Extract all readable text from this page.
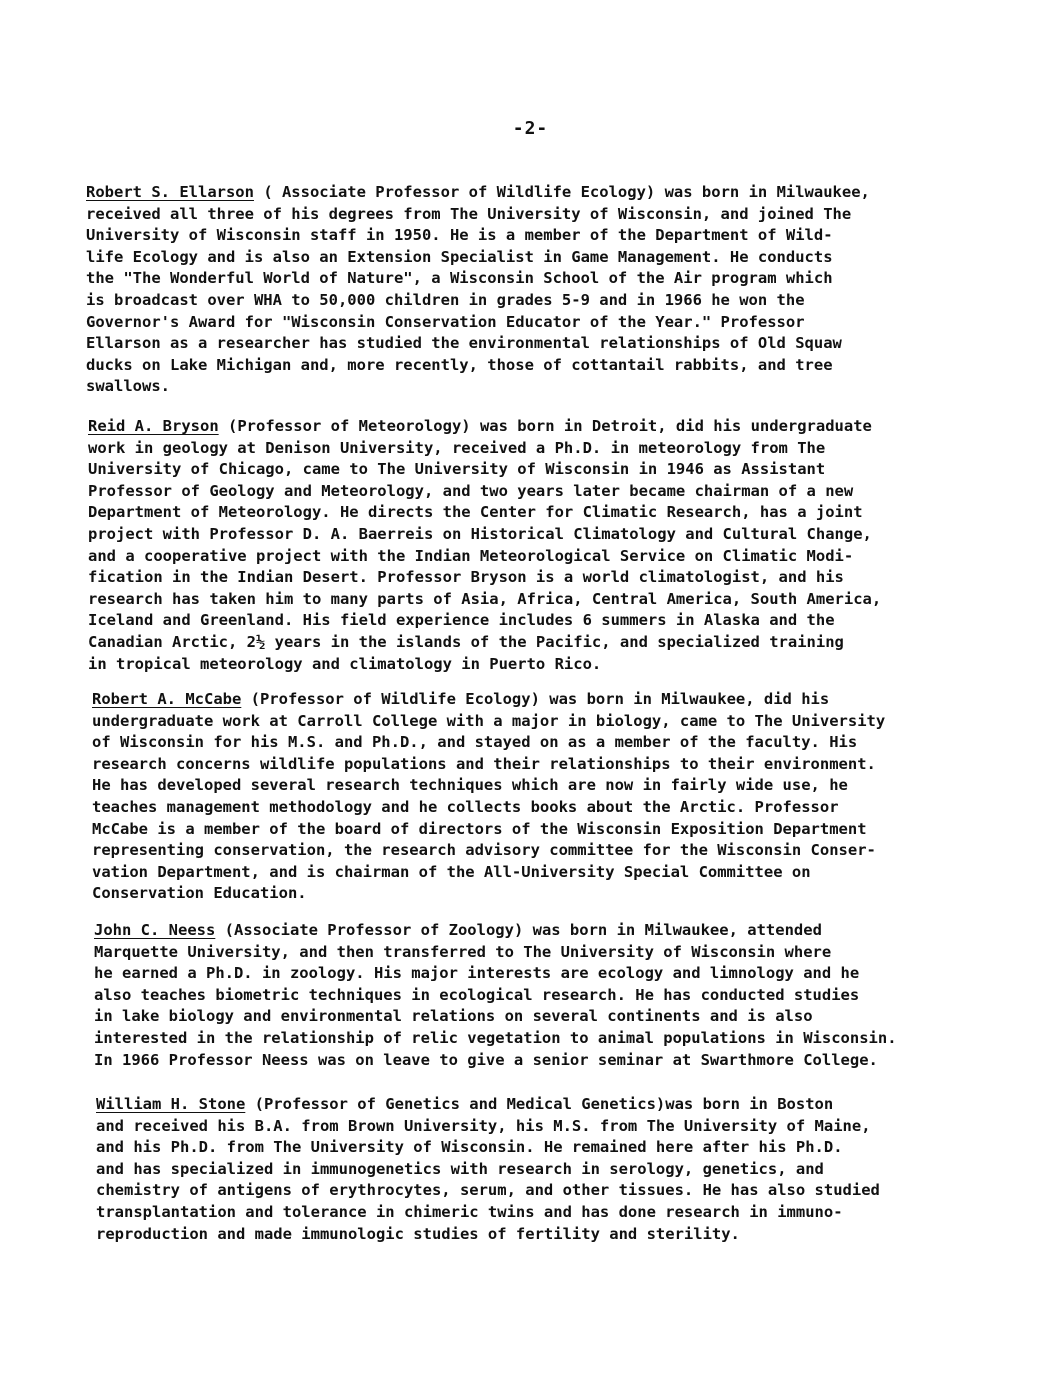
-2-
Robert S. Ellarson ( Associate Professor of Wildlife Ecology) was born in Milwaukee,
received all three of his degrees from The University of Wisconsin, and joined The
University of Wisconsin staff in 1950. He is a member of the Department of Wild-
life Ecology and is also an Extension Specialist in Game Management. He conducts
the "The Wonderful World of Nature", a Wisconsin School of the Air program which
is broadcast over WHA to 50,000 children in grades 5-9 and in 1966 he won the
Governor's Award for "Wisconsin Conservation Educator of the Year." Professor
Ellarson as a researcher has studied the environmental relationships of Old Squaw
ducks on Lake Michigan and, more recently, those of cottantail rabbits, and tree
swallows.
Reid A. Bryson (Professor of Meteorology) was born in Detroit, did his undergraduate
work in geology at Denison University, received a Ph.D. in meteorology from The
University of Chicago, came to The University of Wisconsin in 1946 as Assistant
Professor of Geology and Meteorology, and two years later became chairman of a new
Department of Meteorology. He directs the Center for Climatic Research, has a joint
project with Professor D. A. Baerreis on Historical Climatology and Cultural Change,
and a cooperative project with the Indian Meteorological Service on Climatic Modi-
fication in the Indian Desert. Professor Bryson is a world climatologist, and his
research has taken him to many parts of Asia, Africa, Central America, South America,
Iceland and Greenland. His field experience includes 6 summers in Alaska and the
Canadian Arctic, 2½ years in the islands of the Pacific, and specialized training
in tropical meteorology and climatology in Puerto Rico.
Robert A. McCabe (Professor of Wildlife Ecology) was born in Milwaukee, did his
undergraduate work at Carroll College with a major in biology, came to The University
of Wisconsin for his M.S. and Ph.D., and stayed on as a member of the faculty. His
research concerns wildlife populations and their relationships to their environment.
He has developed several research techniques which are now in fairly wide use, he
teaches management methodology and he collects books about the Arctic. Professor
McCabe is a member of the board of directors of the Wisconsin Exposition Department
representing conservation, the research advisory committee for the Wisconsin Conser-
vation Department, and is chairman of the All-University Special Committee on
Conservation Education.
John C. Neess (Associate Professor of Zoology) was born in Milwaukee, attended
Marquette University, and then transferred to The University of Wisconsin where
he earned a Ph.D. in zoology. His major interests are ecology and limnology and he
also teaches biometric techniques in ecological research. He has conducted studies
in lake biology and environmental relations on several continents and is also
interested in the relationship of relic vegetation to animal populations in Wisconsin.
In 1966 Professor Neess was on leave to give a senior seminar at Swarthmore College.
William H. Stone (Professor of Genetics and Medical Genetics)was born in Boston
and received his B.A. from Brown University, his M.S. from The University of Maine,
and his Ph.D. from The University of Wisconsin. He remained here after his Ph.D.
and has specialized in immunogenetics with research in serology, genetics, and
chemistry of antigens of erythrocytes, serum, and other tissues. He has also studied
transplantation and tolerance in chimeric twins and has done research in immuno-
reproduction and made immunologic studies of fertility and sterility.
